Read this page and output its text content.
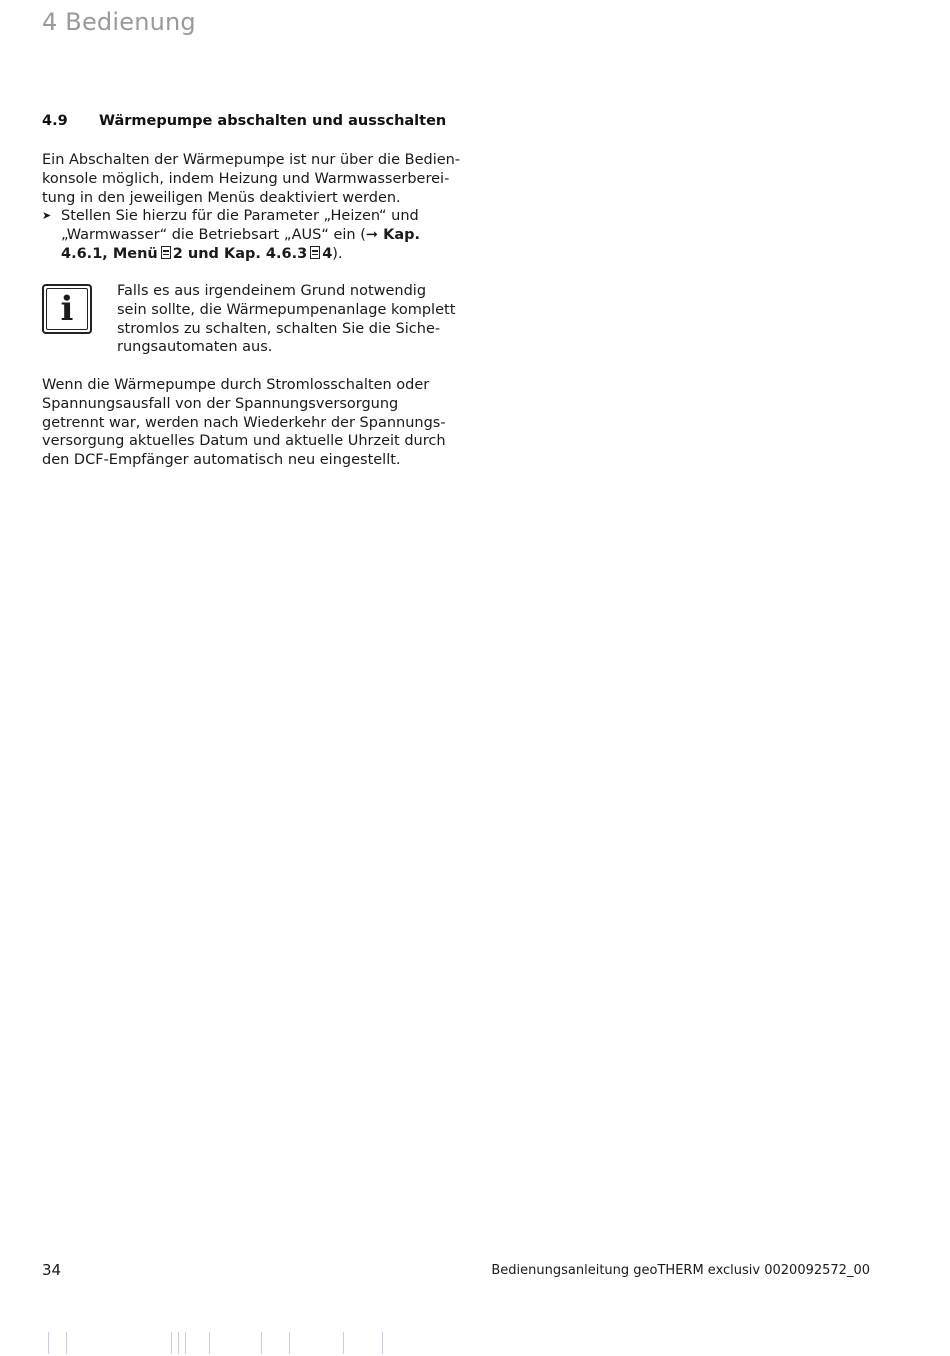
4 Bedienung
4.9 Wärmepumpe abschalten und ausschalten
Ein Abschalten der Wärmepumpe ist nur über die Bedien-
konsole möglich, indem Heizung und Warmwasserberei-
tung in den jeweiligen Menüs deaktiviert werden.
➤ Stellen Sie hierzu für die Parameter „Heizen“ und
„Warmwasser“ die Betriebsart „AUS“ ein (➞ Kap.
4.6.1, Menü 2 und Kap. 4.6.3 4).
i	Falls es aus irgendeinem Grund notwendig
sein sollte, die Wärmepumpenanlage komplett
stromlos zu schalten, schalten Sie die Siche-
rungsautomaten aus.
Wenn die Wärmepumpe durch Stromlosschalten oder
Spannungsausfall von der Spannungsversorgung
getrennt war, werden nach Wiederkehr der Spannungs-
versorgung aktuelles Datum und aktuelle Uhrzeit durch
den DCF-Empfänger automatisch neu eingestellt.
34	Bedienungsanleitung geoTHERM exclusiv 0020092572_00
